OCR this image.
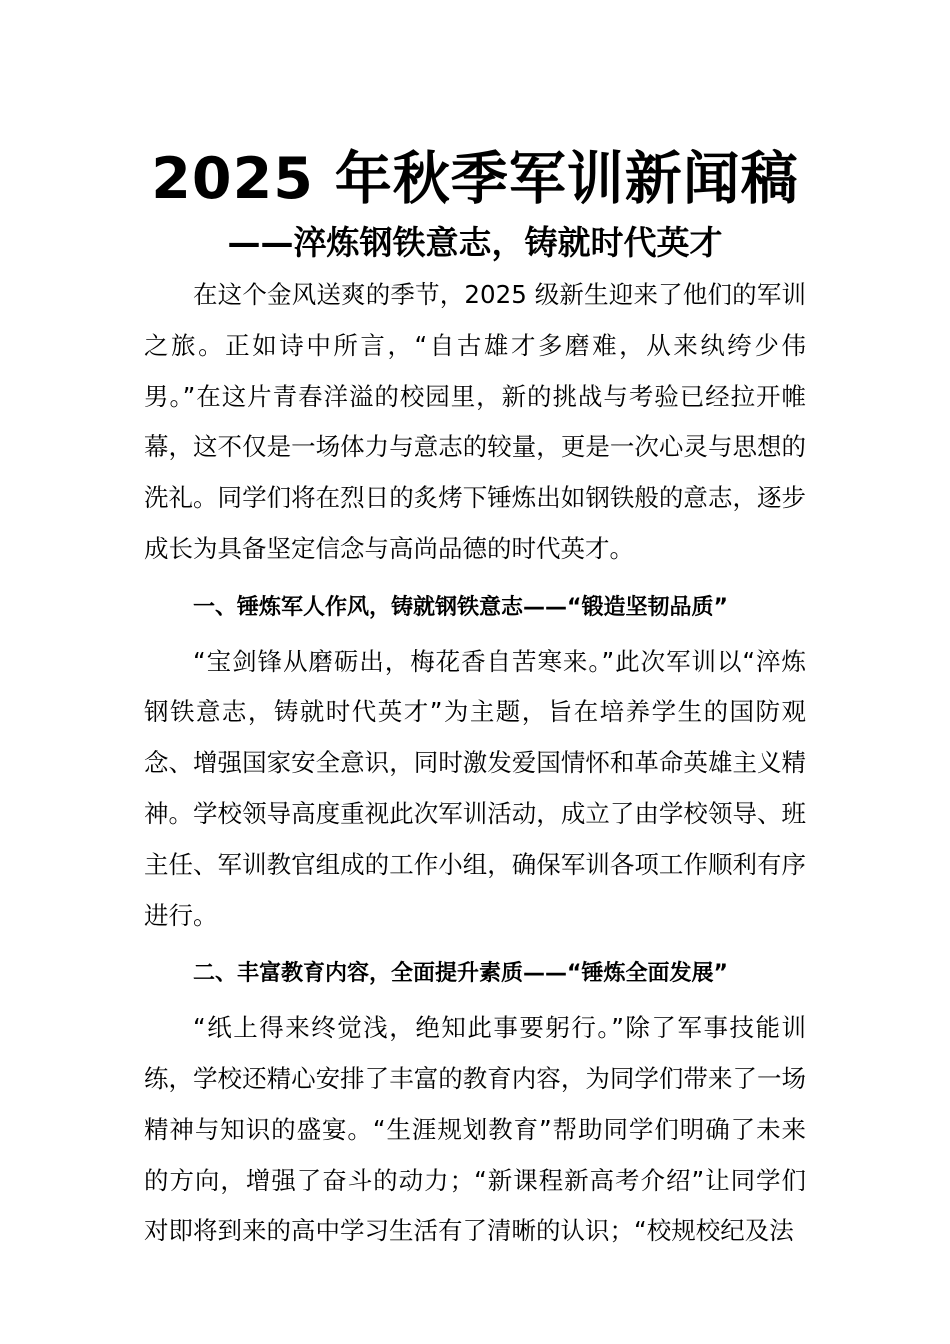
2025 年秋季军训新闻稿
——淬炼钢铁意志，铸就时代英才

在这个金风送爽的季节，2025 级新生迎来了他们的军训之旅。正如诗中所言，“自古雄才多磨难，从来纨绔少伟男。”在这片青春洋溢的校园里，新的挑战与考验已经拉开帷幕，这不仅是一场体力与意志的较量，更是一次心灵与思想的洗礼。同学们将在烈日的炙烤下锤炼出如钢铁般的意志，逐步成长为具备坚定信念与高尚品德的时代英才。

一、锤炼军人作风，铸就钢铁意志——“锻造坚韧品质”

“宝剑锋从磨砺出，梅花香自苦寒来。”此次军训以“淬炼钢铁意志，铸就时代英才”为主题，旨在培养学生的国防观念、增强国家安全意识，同时激发爱国情怀和革命英雄主义精神。学校领导高度重视此次军训活动，成立了由学校领导、班主任、军训教官组成的工作小组，确保军训各项工作顺利有序进行。

二、丰富教育内容，全面提升素质——“锤炼全面发展”

“纸上得来终觉浅，绝知此事要躬行。”除了军事技能训练，学校还精心安排了丰富的教育内容，为同学们带来了一场精神与知识的盛宴。“生涯规划教育”帮助同学们明确了未来的方向，增强了奋斗的动力；“新课程新高考介绍”让同学们对即将到来的高中学习生活有了清晰的认识；“校规校纪及法
